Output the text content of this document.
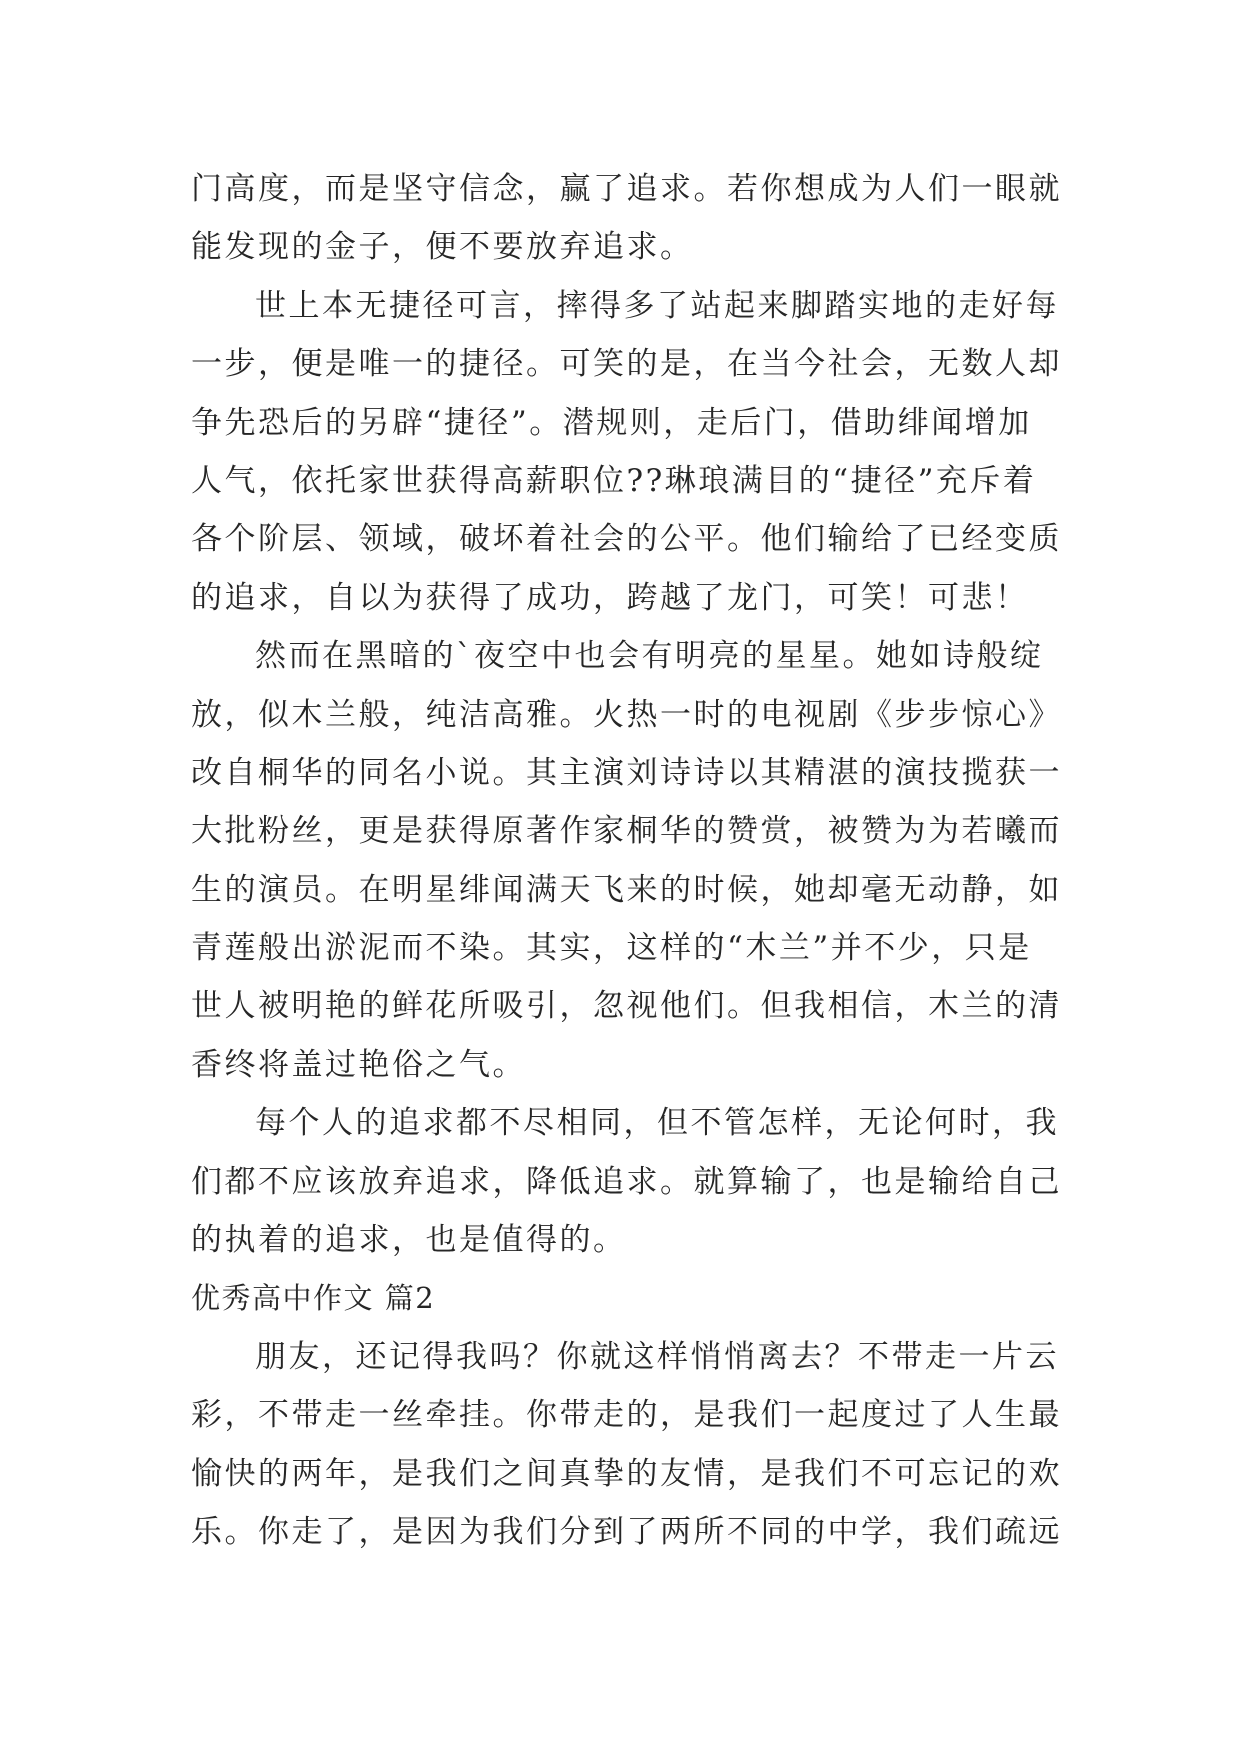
门高度，而是坚守信念，赢了追求。若你想成为人们一眼就
能发现的金子，便不要放弃追求。
世上本无捷径可言，摔得多了站起来脚踏实地的走好每
一步，便是唯一的捷径。可笑的是，在当今社会，无数人却
争先恐后的另辟“捷径”。潜规则，走后门，借助绯闻增加
人气，依托家世获得高薪职位??琳琅满目的“捷径”充斥着
各个阶层、领域，破坏着社会的公平。他们输给了已经变质
的追求，自以为获得了成功，跨越了龙门，可笑！可悲！
然而在黑暗的`夜空中也会有明亮的星星。她如诗般绽
放，似木兰般，纯洁高雅。火热一时的电视剧《步步惊心》
改自桐华的同名小说。其主演刘诗诗以其精湛的演技揽获一
大批粉丝，更是获得原著作家桐华的赞赏，被赞为为若曦而
生的演员。在明星绯闻满天飞来的时候，她却毫无动静，如
青莲般出淤泥而不染。其实，这样的“木兰”并不少，只是
世人被明艳的鲜花所吸引，忽视他们。但我相信，木兰的清
香终将盖过艳俗之气。
每个人的追求都不尽相同，但不管怎样，无论何时，我
们都不应该放弃追求，降低追求。就算输了，也是输给自己
的执着的追求，也是值得的。
优秀高中作文 篇2
朋友，还记得我吗？你就这样悄悄离去？不带走一片云
彩，不带走一丝牵挂。你带走的，是我们一起度过了人生最
愉快的两年，是我们之间真挚的友情，是我们不可忘记的欢
乐。你走了，是因为我们分到了两所不同的中学，我们疏远
